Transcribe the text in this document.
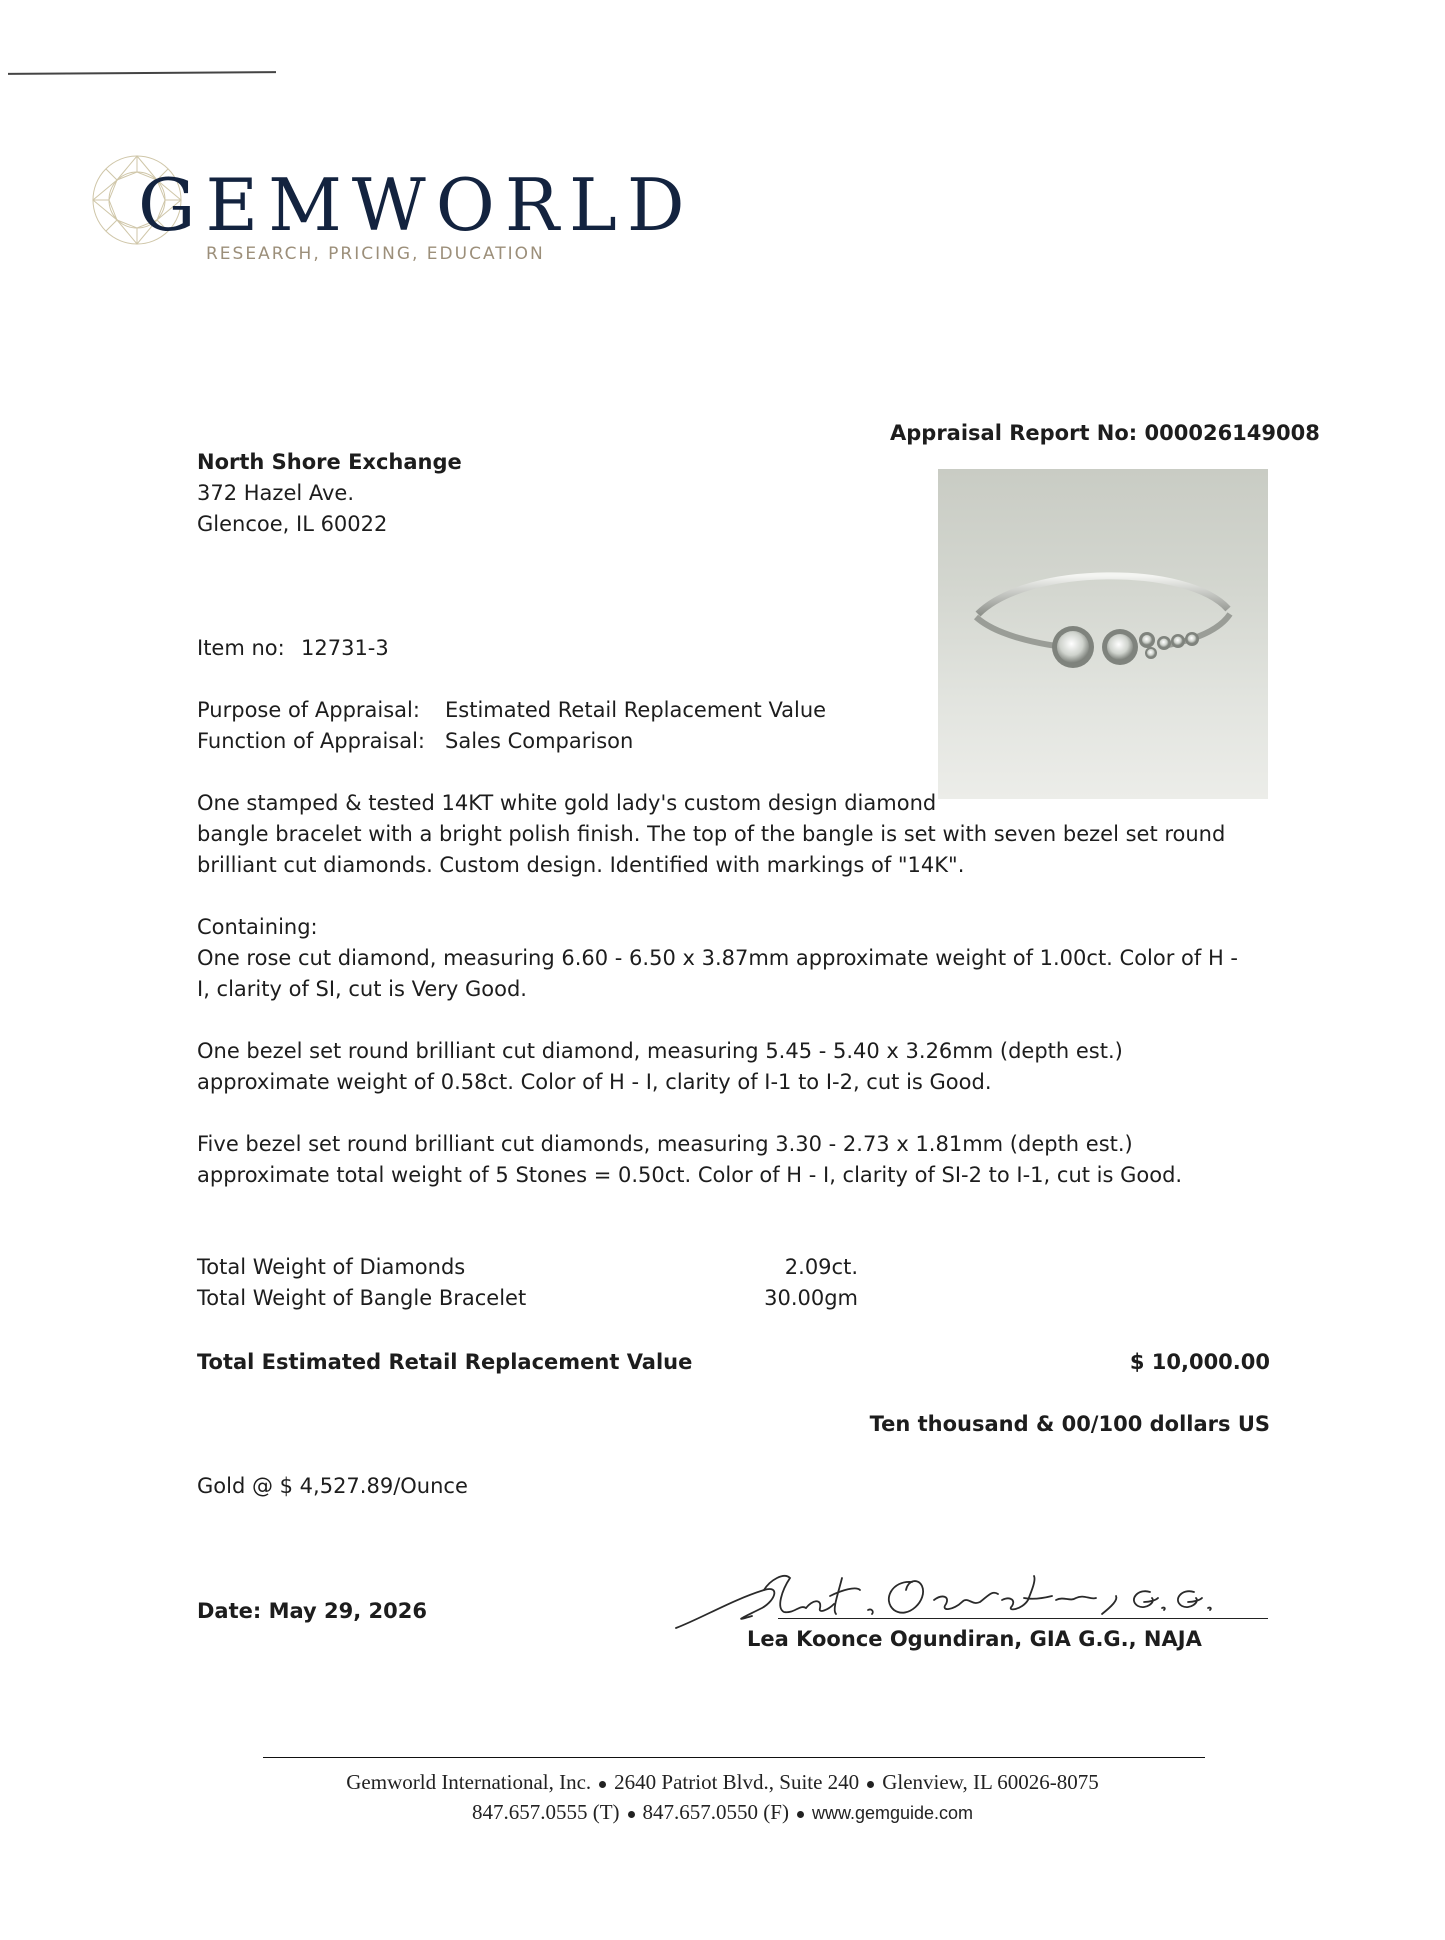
GEMWORLD
RESEARCH, PRICING, EDUCATION
Appraisal Report No: 000026149008
North Shore Exchange
372 Hazel Ave.
Glencoe, IL 60022
Item no: 12731-3
Purpose of Appraisal: Estimated Retail Replacement Value
Function of Appraisal: Sales Comparison
One stamped & tested 14KT white gold lady's custom design diamond
bangle bracelet with a bright polish finish. The top of the bangle is set with seven bezel set round
brilliant cut diamonds. Custom design. Identified with markings of "14K".
Containing:
One rose cut diamond, measuring 6.60 - 6.50 x 3.87mm approximate weight of 1.00ct. Color of H -
I, clarity of SI, cut is Very Good.
One bezel set round brilliant cut diamond, measuring 5.45 - 5.40 x 3.26mm (depth est.)
approximate weight of 0.58ct. Color of H - I, clarity of I-1 to I-2, cut is Good.
Five bezel set round brilliant cut diamonds, measuring 3.30 - 2.73 x 1.81mm (depth est.)
approximate total weight of 5 Stones = 0.50ct. Color of H - I, clarity of SI-2 to I-1, cut is Good.
Total Weight of Diamonds	2.09ct.
Total Weight of Bangle Bracelet	30.00gm
Total Estimated Retail Replacement Value	$ 10,000.00
Ten thousand & 00/100 dollars US
Gold @ $ 4,527.89/Ounce
Date: May 29, 2026
Lea Koonce Ogundiran, GIA G.G., NAJA
Gemworld International, Inc. 2640 Patriot Blvd., Suite 240 Glenview, IL 60026-8075
847.657.0555 (T) 847.657.0550 (F) www.gemguide.com
